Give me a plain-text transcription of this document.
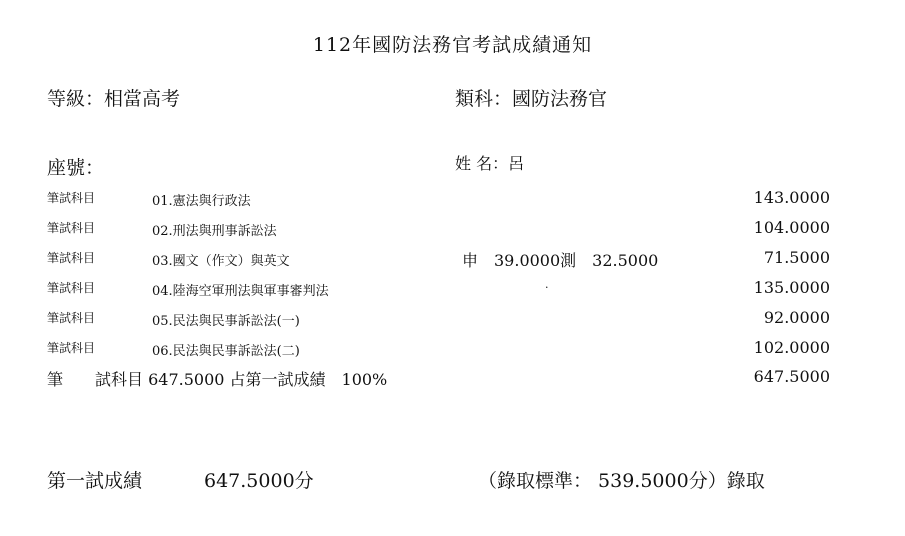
112年國防法務官考試成績通知
等級：相當高考	類科：國防法務官
座號：	姓 名：呂
筆試科目	01.憲法與行政法	143.0000
筆試科目	02.刑法與刑事訴訟法	104.0000
筆試科目	03.國文（作文）與英文	申　39.0000測　32.5000	71.5000
筆試科目	04.陸海空軍刑法與軍事審判法	.	135.0000
筆試科目	05.民法與民事訴訟法(一)	92.0000
筆試科目	06.民法與民事訴訟法(二)	102.0000
筆　　試科目 647.5000 占第一試成績　100%	647.5000
第一試成績	647.5000分	（錄取標準： 539.5000分）錄取
